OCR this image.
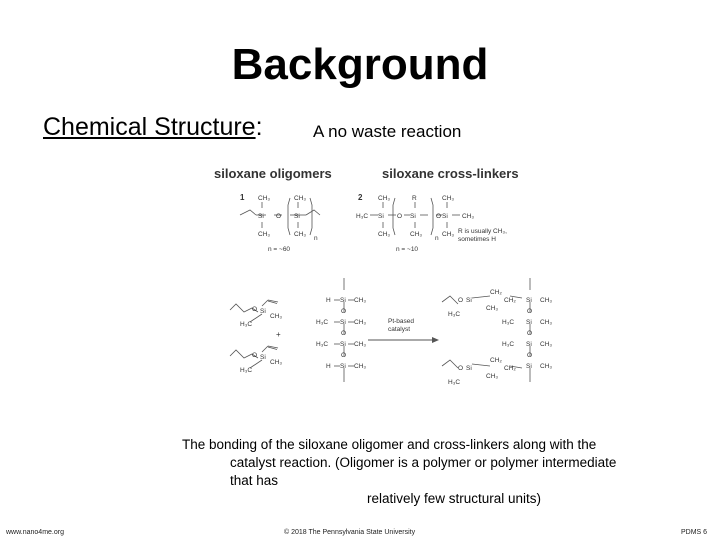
Background
Chemical Structure:	A no waste reaction
siloxane oligomers	siloxane cross-linkers
1	2
CH₃
Si
CH₃
O
CH₃
Si
CH₃
n
n = ~60
H₃C
CH₃
Si
CH₃
O
R
Si
CH₃
n
O
CH₃
Si CH₃
CH₃ R is usually CH₃,
sometimes H
n = ~10
O Si
CH₃
H₃C
O Si
CH₃
H₃C
+
H Si CH₃
O
H₃C Si CH₃
O
H₃C Si CH₃
O
H Si CH₃
Pt-based
catalyst
O Si
H₃C
CH₃
CH₂
CH₂ Si CH₃
O
H₃C Si CH₃
O
H₃C Si CH₃
O
O Si
H₃C
CH₃
CH₂
CH₂ Si CH₃
The bonding of the siloxane oligomer and cross-linkers along with the
catalyst reaction. (Oligomer is a polymer or polymer intermediate that has
relatively few structural units)
www.nano4me.org	© 2018 The Pennsylvania State University	PDMS 6
